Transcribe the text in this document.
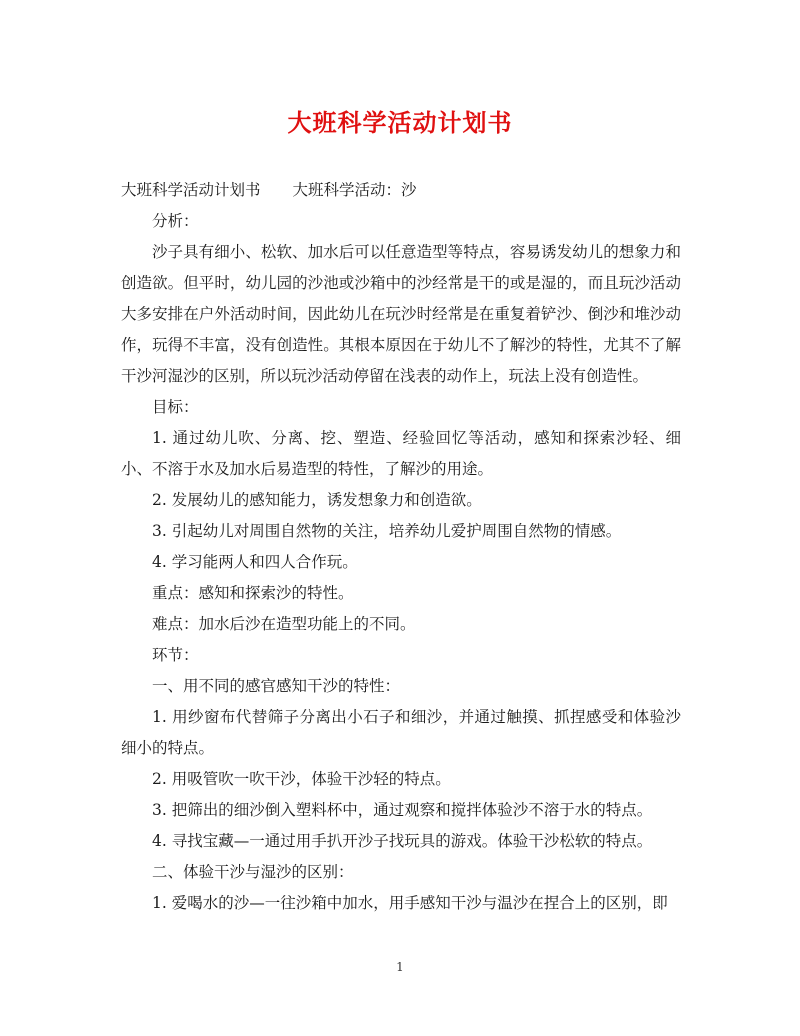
大班科学活动计划书

大班科学活动计划书 大班科学活动：沙

分析：

沙子具有细小、松软、加水后可以任意造型等特点，容易诱发幼儿的想象力和创造欲。但平时，幼儿园的沙池或沙箱中的沙经常是干的或是湿的，而且玩沙活动大多安排在户外活动时间，因此幼儿在玩沙时经常是在重复着铲沙、倒沙和堆沙动作，玩得不丰富，没有创造性。其根本原因在于幼儿不了解沙的特性，尤其不了解干沙河湿沙的区别，所以玩沙活动停留在浅表的动作上，玩法上没有创造性。

目标：

1. 通过幼儿吹、分离、挖、塑造、经验回忆等活动，感知和探索沙轻、细小、不溶于水及加水后易造型的特性，了解沙的用途。

2. 发展幼儿的感知能力，诱发想象力和创造欲。

3. 引起幼儿对周围自然物的关注，培养幼儿爱护周围自然物的情感。

4. 学习能两人和四人合作玩。

重点：感知和探索沙的特性。

难点：加水后沙在造型功能上的不同。

环节：

一、用不同的感官感知干沙的特性：

1. 用纱窗布代替筛子分离出小石子和细沙，并通过触摸、抓捏感受和体验沙细小的特点。

2. 用吸管吹一吹干沙，体验干沙轻的特点。

3. 把筛出的细沙倒入塑料杯中，通过观察和搅拌体验沙不溶于水的特点。

4. 寻找宝藏—一通过用手扒开沙子找玩具的游戏。体验干沙松软的特点。

二、体验干沙与湿沙的区别：

1. 爱喝水的沙—一往沙箱中加水，用手感知干沙与温沙在捏合上的区别，即

1
